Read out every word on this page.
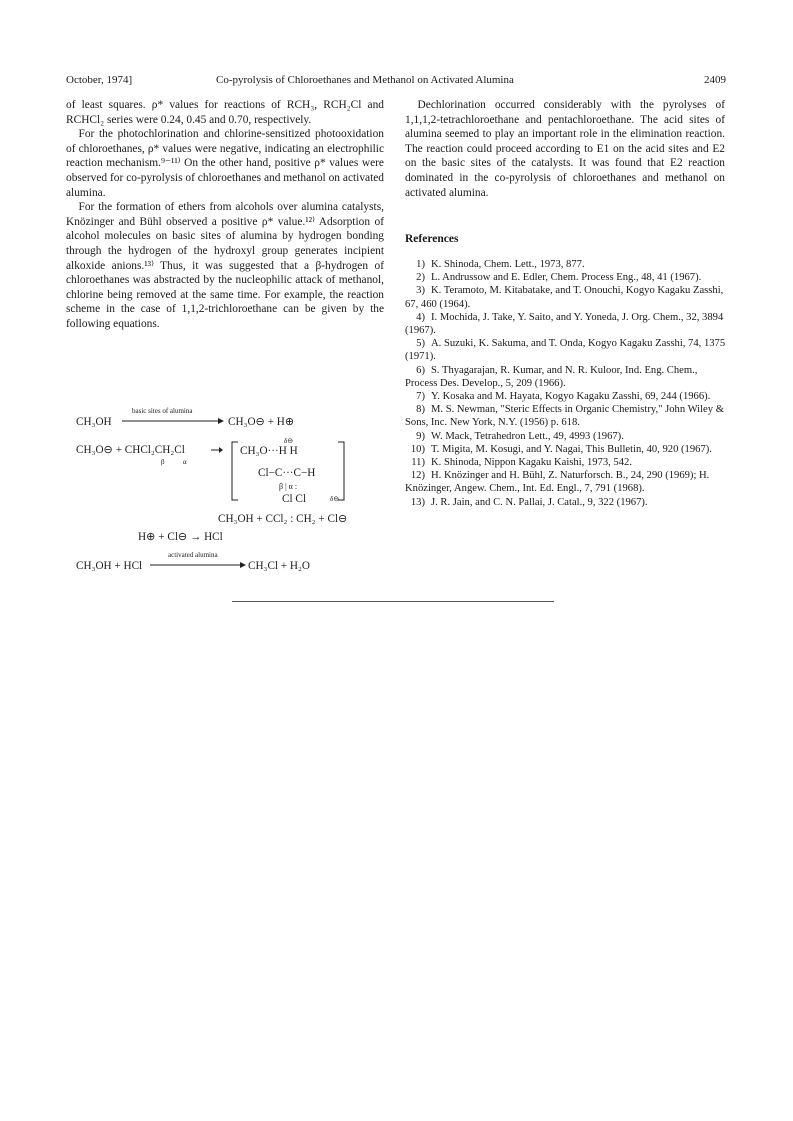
October, 1974]	Co-pyrolysis of Chloroethanes and Methanol on Activated Alumina	2409

of least squares. ρ* values for reactions of RCH₃, RCH₂Cl and RCHCl₂ series were 0.24, 0.45 and 0.70, respectively.

For the photochlorination and chlorine-sensitized photooxidation of chloroethanes, ρ* values were negative, indicating an electrophilic reaction mechanism.⁹⁻¹¹⁾ On the other hand, positive ρ* values were observed for co-pyrolysis of chloroethanes and methanol on activated alumina.

For the formation of ethers from alcohols over alumina catalysts, Knözinger and Bühl observed a positive ρ* value.¹²⁾ Adsorption of alcohol molecules on basic sites of alumina by hydrogen bonding through the hydrogen of the hydroxyl group generates incipient alkoxide anions.¹³⁾ Thus, it was suggested that a β-hydrogen of chloroethanes was abstracted by the nucleophilic attack of methanol, chlorine being removed at the same time. For example, the reaction scheme in the case of 1,1,2-trichloroethane can be given by the following equations.

CH₃OH
basic sites of alumina
CH₃O⊖ + H⊕
CH₃O⊖ + CHCl₂CH₂Cl
β	α
δ⊖
CH₃O···H H
Cl−C···C−H
β | α :
Cl Cl	δ⊖
CH₃OH + CCl₂ : CH₂ + Cl⊖
H⊕ + Cl⊖ → HCl
CH₃OH + HCl
activated alumina
CH₃Cl + H₂O

Dechlorination occurred considerably with the pyrolyses of 1,1,1,2-tetrachloroethane and pentachloroethane. The acid sites of alumina seemed to play an important role in the elimination reaction. The reaction could proceed according to E1 on the acid sites and E2 on the basic sites of the catalysts. It was found that E2 reaction dominated in the co-pyrolysis of chloroethanes and methanol on activated alumina.

References

1) K. Shinoda, Chem. Lett., 1973, 877.

2) L. Andrussow and E. Edler, Chem. Process Eng., 48, 41 (1967).

3) K. Teramoto, M. Kitabatake, and T. Onouchi, Kogyo Kagaku Zasshi, 67, 460 (1964).

4) I. Mochida, J. Take, Y. Saito, and Y. Yoneda, J. Org. Chem., 32, 3894 (1967).

5) A. Suzuki, K. Sakuma, and T. Onda, Kogyo Kagaku Zasshi, 74, 1375 (1971).

6) S. Thyagarajan, R. Kumar, and N. R. Kuloor, Ind. Eng. Chem., Process Des. Develop., 5, 209 (1966).

7) Y. Kosaka and M. Hayata, Kogyo Kagaku Zasshi, 69, 244 (1966).

8) M. S. Newman, "Steric Effects in Organic Chemistry," John Wiley & Sons, Inc. New York, N.Y. (1956) p. 618.

9) W. Mack, Tetrahedron Lett., 49, 4993 (1967).

10) T. Migita, M. Kosugi, and Y. Nagai, This Bulletin, 40, 920 (1967).

11) K. Shinoda, Nippon Kagaku Kaishi, 1973, 542.

12) H. Knözinger and H. Bühl, Z. Naturforsch. B., 24, 290 (1969); H. Knözinger, Angew. Chem., Int. Ed. Engl., 7, 791 (1968).

13) J. R. Jain, and C. N. Pallai, J. Catal., 9, 322 (1967).
